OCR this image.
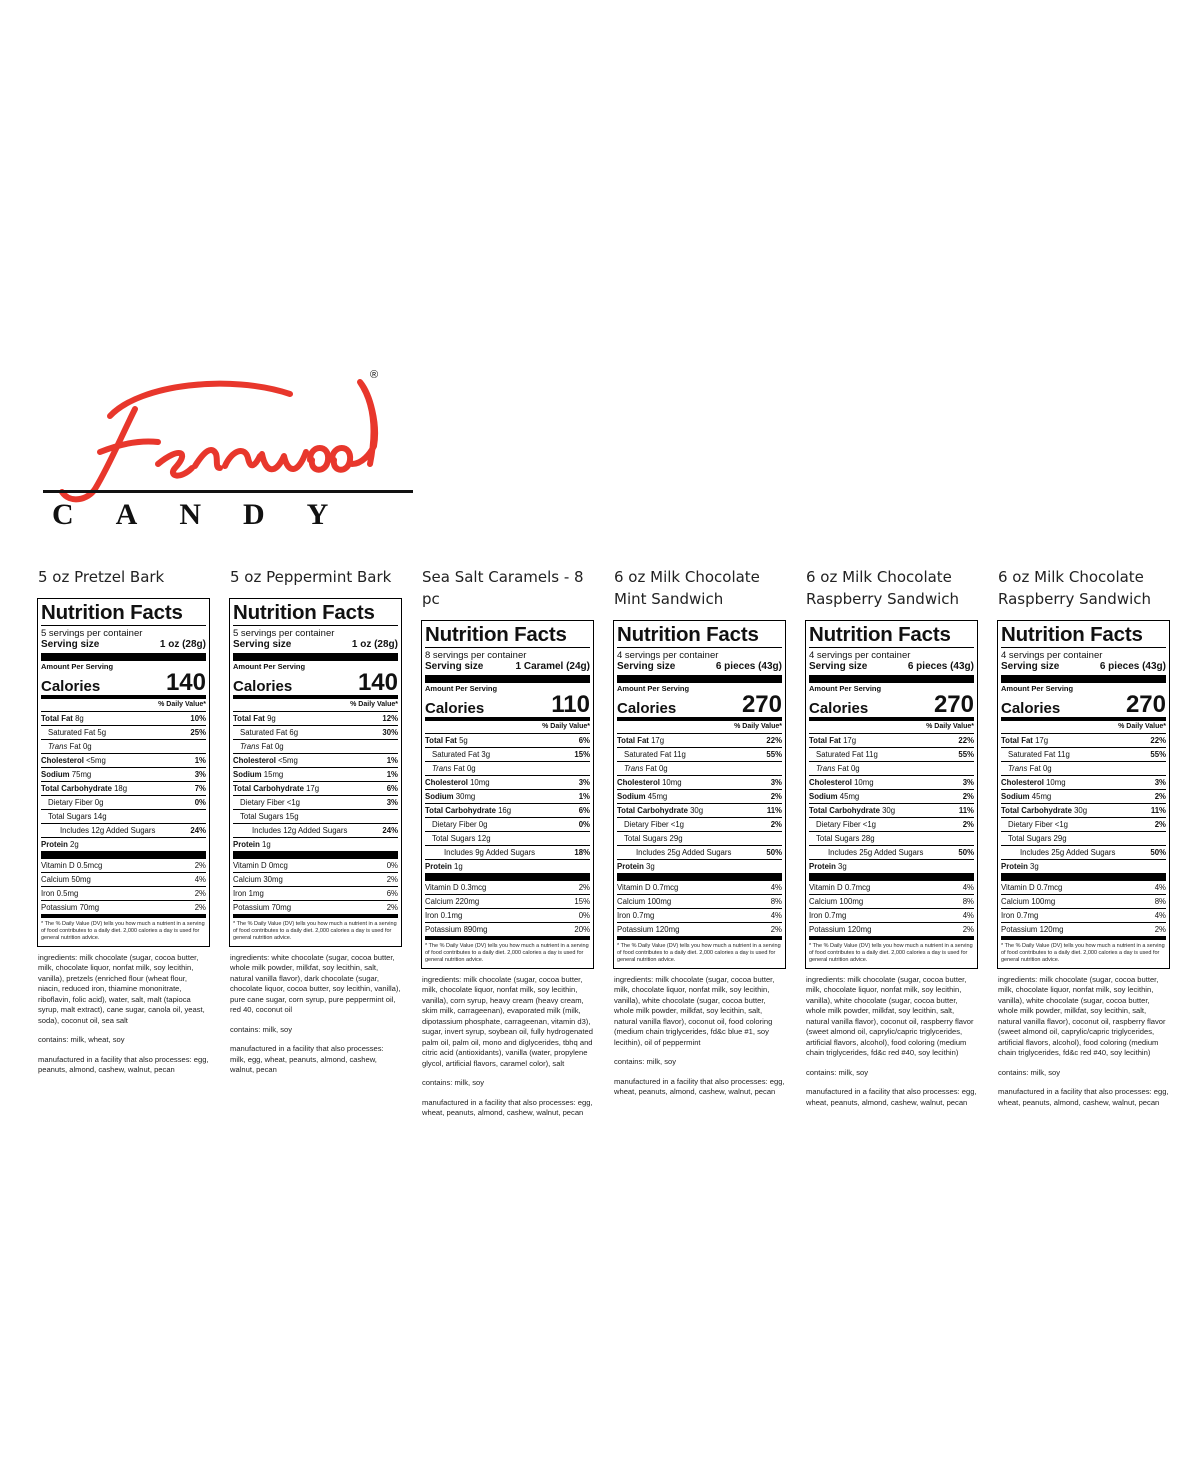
®
CANDY
5 oz Pretzel Bark
Nutrition Facts
5 servings per container
Serving size	1 oz (28g)
Amount Per Serving
Calories	140
% Daily Value*
Total Fat 8g	10%
Saturated Fat 5g	25%
Trans Fat 0g
Cholesterol <5mg	1%
Sodium 75mg	3%
Total Carbohydrate 18g	7%
Dietary Fiber 0g	0%
Total Sugars 14g
Includes 12g Added Sugars	24%
Protein 2g
Vitamin D 0.5mcg	2%
Calcium 50mg	4%
Iron 0.5mg	2%
Potassium 70mg	2%
* The % Daily Value (DV) tells you how much a nutrient in a serving of food contributes to a daily diet. 2,000 calories a day is used for general nutrition advice.

ingredients: milk chocolate (sugar, cocoa butter, milk, chocolate liquor, nonfat milk, soy lecithin, vanilla), pretzels (enriched flour (wheat flour, niacin, reduced iron, thiamine mononitrate, riboflavin, folic acid), water, salt, malt (tapioca syrup, malt extract), cane sugar, canola oil, yeast, soda), coconut oil, sea salt

contains: milk, wheat, soy

manufactured in a facility that also processes: egg, peanuts, almond, cashew, walnut, pecan

5 oz Peppermint Bark
Nutrition Facts
5 servings per container
Serving size	1 oz (28g)
Amount Per Serving
Calories	140
% Daily Value*
Total Fat 9g	12%
Saturated Fat 6g	30%
Trans Fat 0g
Cholesterol <5mg	1%
Sodium 15mg	1%
Total Carbohydrate 17g	6%
Dietary Fiber <1g	3%
Total Sugars 15g
Includes 12g Added Sugars	24%
Protein 1g
Vitamin D 0mcg	0%
Calcium 30mg	2%
Iron 1mg	6%
Potassium 70mg	2%
* The % Daily Value (DV) tells you how much a nutrient in a serving of food contributes to a daily diet. 2,000 calories a day is used for general nutrition advice.

ingredients: white chocolate (sugar, cocoa butter, whole milk powder, milkfat, soy lecithin, salt, natural vanilla flavor), dark chocolate (sugar, chocolate liquor, cocoa butter, soy lecithin, vanilla), pure cane sugar, corn syrup, pure peppermint oil, red 40, coconut oil

contains: milk, soy

manufactured in a facility that also processes: milk, egg, wheat, peanuts, almond, cashew, walnut, pecan

Sea Salt Caramels - 8 pc
Nutrition Facts
8 servings per container
Serving size	1 Caramel (24g)
Amount Per Serving
Calories	110
% Daily Value*
Total Fat 5g	6%
Saturated Fat 3g	15%
Trans Fat 0g
Cholesterol 10mg	3%
Sodium 30mg	1%
Total Carbohydrate 16g	6%
Dietary Fiber 0g	0%
Total Sugars 12g
Includes 9g Added Sugars	18%
Protein 1g
Vitamin D 0.3mcg	2%
Calcium 220mg	15%
Iron 0.1mg	0%
Potassium 890mg	20%
* The % Daily Value (DV) tells you how much a nutrient in a serving of food contributes to a daily diet. 2,000 calories a day is used for general nutrition advice.

ingredients: milk chocolate (sugar, cocoa butter, milk, chocolate liquor, nonfat milk, soy lecithin, vanilla), corn syrup, heavy cream (heavy cream, skim milk, carrageenan), evaporated milk (milk, dipotassium phosphate, carrageenan, vitamin d3), sugar, invert syrup, soybean oil, fully hydrogenated palm oil, palm oil, mono and diglycerides, tbhq and citric acid (antioxidants), vanilla (water, propylene glycol, artificial flavors, caramel color), salt

contains: milk, soy

manufactured in a facility that also processes: egg, wheat, peanuts, almond, cashew, walnut, pecan

6 oz Milk Chocolate Mint Sandwich
Nutrition Facts
4 servings per container
Serving size	6 pieces (43g)
Amount Per Serving
Calories	270
% Daily Value*
Total Fat 17g	22%
Saturated Fat 11g	55%
Trans Fat 0g
Cholesterol 10mg	3%
Sodium 45mg	2%
Total Carbohydrate 30g	11%
Dietary Fiber <1g	2%
Total Sugars 29g
Includes 25g Added Sugars	50%
Protein 3g
Vitamin D 0.7mcg	4%
Calcium 100mg	8%
Iron 0.7mg	4%
Potassium 120mg	2%
* The % Daily Value (DV) tells you how much a nutrient in a serving of food contributes to a daily diet. 2,000 calories a day is used for general nutrition advice.

ingredients: milk chocolate (sugar, cocoa butter, milk, chocolate liquor, nonfat milk, soy lecithin, vanilla), white chocolate (sugar, cocoa butter, whole milk powder, milkfat, soy lecithin, salt, natural vanilla flavor), coconut oil, food coloring (medium chain triglycerides, fd&c blue #1, soy lecithin), oil of peppermint

contains: milk, soy

manufactured in a facility that also processes: egg, wheat, peanuts, almond, cashew, walnut, pecan

6 oz Milk Chocolate Raspberry Sandwich
Nutrition Facts
4 servings per container
Serving size	6 pieces (43g)
Amount Per Serving
Calories	270
% Daily Value*
Total Fat 17g	22%
Saturated Fat 11g	55%
Trans Fat 0g
Cholesterol 10mg	3%
Sodium 45mg	2%
Total Carbohydrate 30g	11%
Dietary Fiber <1g	2%
Total Sugars 28g
Includes 25g Added Sugars	50%
Protein 3g
Vitamin D 0.7mcg	4%
Calcium 100mg	8%
Iron 0.7mg	4%
Potassium 120mg	2%
* The % Daily Value (DV) tells you how much a nutrient in a serving of food contributes to a daily diet. 2,000 calories a day is used for general nutrition advice.

ingredients: milk chocolate (sugar, cocoa butter, milk, chocolate liquor, nonfat milk, soy lecithin, vanilla), white chocolate (sugar, cocoa butter, whole milk powder, milkfat, soy lecithin, salt, natural vanilla flavor), coconut oil, raspberry flavor (sweet almond oil, caprylic/capric triglycerides, artificial flavors, alcohol), food coloring (medium chain triglycerides, fd&c red #40, soy lecithin)

contains: milk, soy

manufactured in a facility that also processes: egg, wheat, peanuts, almond, cashew, walnut, pecan

6 oz Milk Chocolate Raspberry Sandwich
Nutrition Facts
4 servings per container
Serving size	6 pieces (43g)
Amount Per Serving
Calories	270
% Daily Value*
Total Fat 17g	22%
Saturated Fat 11g	55%
Trans Fat 0g
Cholesterol 10mg	3%
Sodium 45mg	2%
Total Carbohydrate 30g	11%
Dietary Fiber <1g	2%
Total Sugars 29g
Includes 25g Added Sugars	50%
Protein 3g
Vitamin D 0.7mcg	4%
Calcium 100mg	8%
Iron 0.7mg	4%
Potassium 120mg	2%
* The % Daily Value (DV) tells you how much a nutrient in a serving of food contributes to a daily diet. 2,000 calories a day is used for general nutrition advice.

ingredients: milk chocolate (sugar, cocoa butter, milk, chocolate liquor, nonfat milk, soy lecithin, vanilla), white chocolate (sugar, cocoa butter, whole milk powder, milkfat, soy lecithin, salt, natural vanilla flavor), coconut oil, raspberry flavor (sweet almond oil, caprylic/capric triglycerides, artificial flavors, alcohol), food coloring (medium chain triglycerides, fd&c red #40, soy lecithin)

contains: milk, soy

manufactured in a facility that also processes: egg, wheat, peanuts, almond, cashew, walnut, pecan
